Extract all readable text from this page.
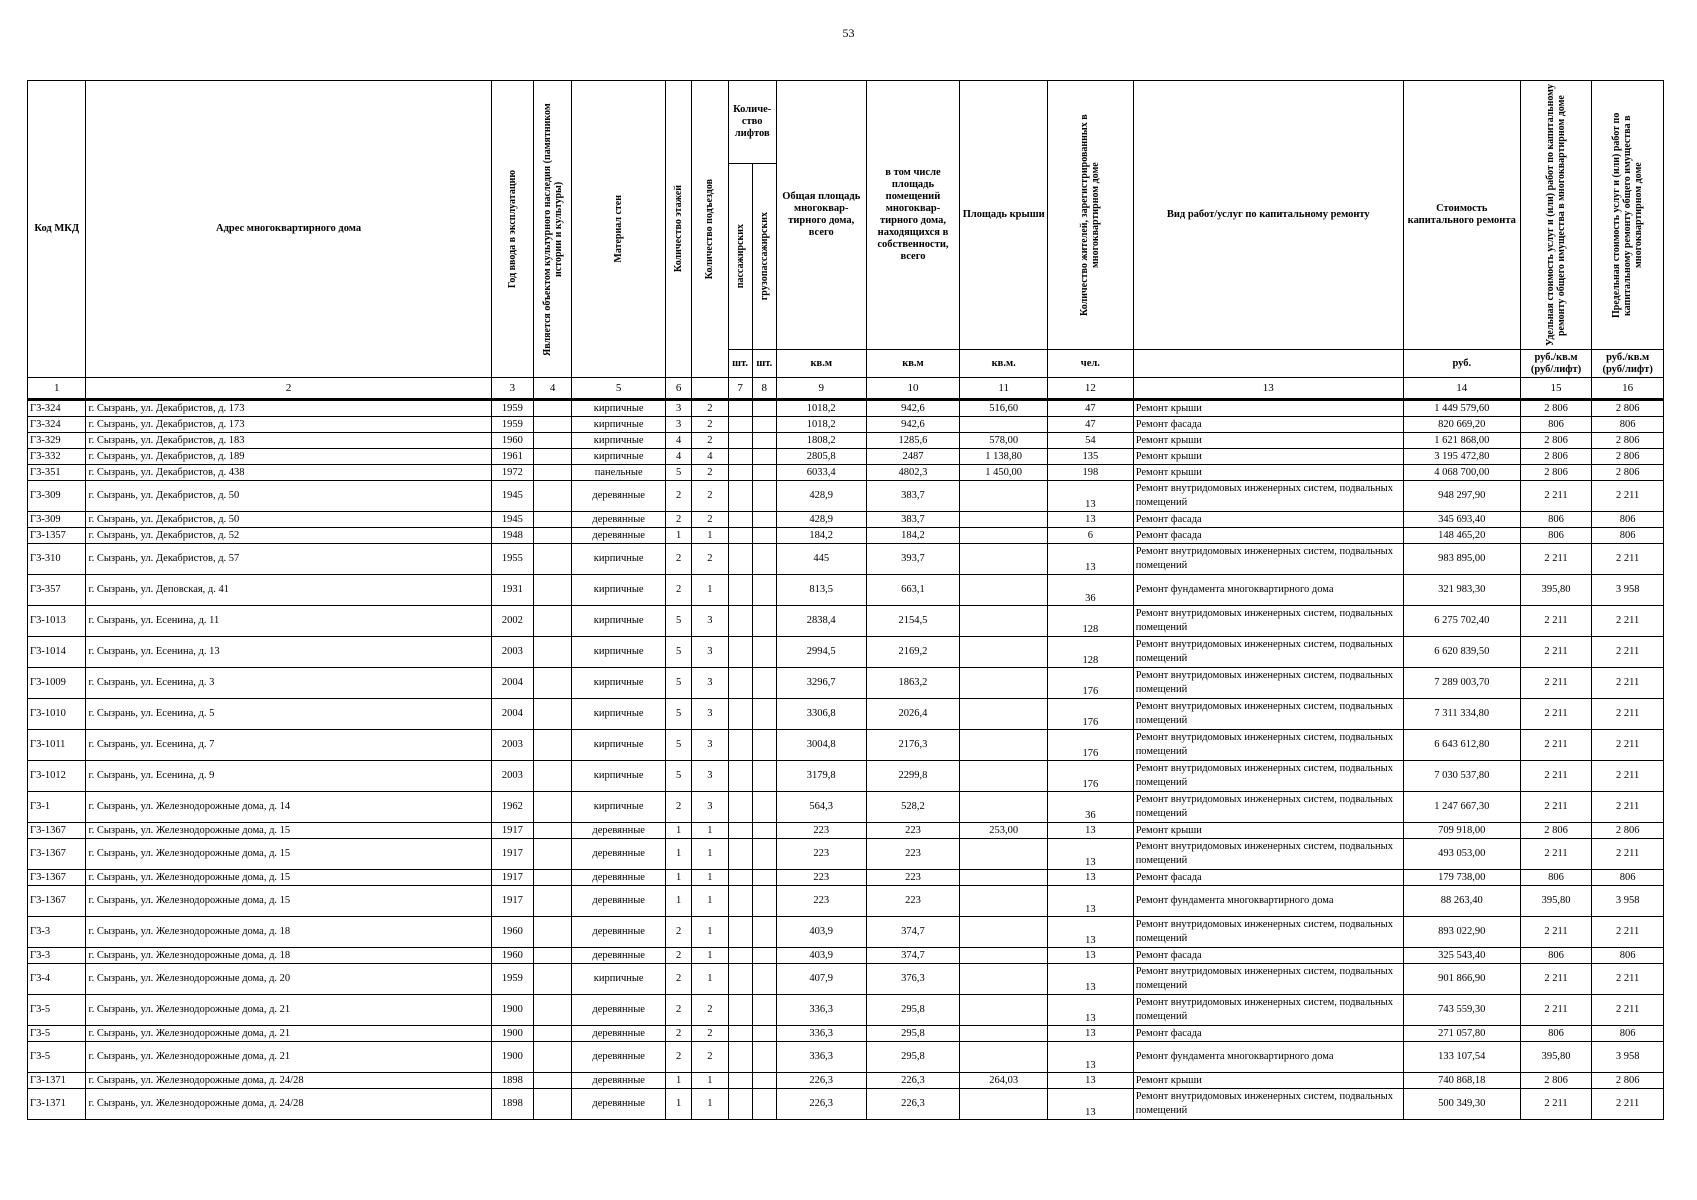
53
Код МКД	Адрес многоквартирного дома	Год ввода в эксплуатацию	Является объектом культурного наследия (памятником истории и культуры)	Материал стен	Количество этажей	Количество подъездов	Количе-ство лифтов		Общая площадь многоквар-тирного дома, всего	в том числе площадь помещений многоквар-тирного дома, находящихся в собственности, всего	Площадь крыши	Количество жителей, зарегистрированных в многоквартирном доме	Вид работ/услуг по капитальному ремонту	Стоимость капитального ремонта	Удельная стоимость услуг и (или) работ по капитальному ремонту общего имущества в многоквартирном доме	Предельная стоимость услуг и (или) работ по капитальному ремонту общего имущества в многоквартирном доме

							пассажирских	грузопассажирских								

							шт.	шт.	кв.м	кв.м	кв.м.	чел.		руб.	руб./кв.м (руб/лифт)	руб./кв.м (руб/лифт)
1	2	3	4	5	6		7	8	9	10	11	12	13	14	15	16
Г3-324	г. Сызрань, ул. Декабристов, д. 173	1959		кирпичные	3	2			1018,2	942,6	516,60	47	Ремонт крыши	1 449 579,60	2 806	2 806
Г3-324	г. Сызрань, ул. Декабристов, д. 173	1959		кирпичные	3	2			1018,2	942,6		47	Ремонт фасада	820 669,20	806	806
Г3-329	г. Сызрань, ул. Декабристов, д. 183	1960		кирпичные	4	2			1808,2	1285,6	578,00	54	Ремонт крыши	1 621 868,00	2 806	2 806
Г3-332	г. Сызрань, ул. Декабристов, д. 189	1961		кирпичные	4	4			2805,8	2487	1 138,80	135	Ремонт крыши	3 195 472,80	2 806	2 806
Г3-351	г. Сызрань, ул. Декабристов, д. 438	1972		панельные	5	2			6033,4	4802,3	1 450,00	198	Ремонт крыши	4 068 700,00	2 806	2 806
Г3-309	г. Сызрань, ул. Декабристов, д. 50	1945		деревянные	2	2			428,9	383,7		13	Ремонт внутридомовых инженерных систем, подвальных помещений	948 297,90	2 211	2 211
Г3-309	г. Сызрань, ул. Декабристов, д. 50	1945		деревянные	2	2			428,9	383,7		13	Ремонт фасада	345 693,40	806	806
Г3-1357	г. Сызрань, ул. Декабристов, д. 52	1948		деревянные	1	1			184,2	184,2		6	Ремонт фасада	148 465,20	806	806
Г3-310	г. Сызрань, ул. Декабристов, д. 57	1955		кирпичные	2	2			445	393,7		13	Ремонт внутридомовых инженерных систем, подвальных помещений	983 895,00	2 211	2 211
Г3-357	г. Сызрань, ул. Деповская, д. 41	1931		кирпичные	2	1			813,5	663,1		36	Ремонт фундамента многоквартирного дома	321 983,30	395,80	3 958
Г3-1013	г. Сызрань, ул. Есенина, д. 11	2002		кирпичные	5	3			2838,4	2154,5		128	Ремонт внутридомовых инженерных систем, подвальных помещений	6 275 702,40	2 211	2 211
Г3-1014	г. Сызрань, ул. Есенина, д. 13	2003		кирпичные	5	3			2994,5	2169,2		128	Ремонт внутридомовых инженерных систем, подвальных помещений	6 620 839,50	2 211	2 211
Г3-1009	г. Сызрань, ул. Есенина, д. 3	2004		кирпичные	5	3			3296,7	1863,2		176	Ремонт внутридомовых инженерных систем, подвальных помещений	7 289 003,70	2 211	2 211
Г3-1010	г. Сызрань, ул. Есенина, д. 5	2004		кирпичные	5	3			3306,8	2026,4		176	Ремонт внутридомовых инженерных систем, подвальных помещений	7 311 334,80	2 211	2 211
Г3-1011	г. Сызрань, ул. Есенина, д. 7	2003		кирпичные	5	3			3004,8	2176,3		176	Ремонт внутридомовых инженерных систем, подвальных помещений	6 643 612,80	2 211	2 211
Г3-1012	г. Сызрань, ул. Есенина, д. 9	2003		кирпичные	5	3			3179,8	2299,8		176	Ремонт внутридомовых инженерных систем, подвальных помещений	7 030 537,80	2 211	2 211
Г3-1	г. Сызрань, ул. Железнодорожные дома, д. 14	1962		кирпичные	2	3			564,3	528,2		36	Ремонт внутридомовых инженерных систем, подвальных помещений	1 247 667,30	2 211	2 211
Г3-1367	г. Сызрань, ул. Железнодорожные дома, д. 15	1917		деревянные	1	1			223	223	253,00	13	Ремонт крыши	709 918,00	2 806	2 806
Г3-1367	г. Сызрань, ул. Железнодорожные дома, д. 15	1917		деревянные	1	1			223	223		13	Ремонт внутридомовых инженерных систем, подвальных помещений	493 053,00	2 211	2 211
Г3-1367	г. Сызрань, ул. Железнодорожные дома, д. 15	1917		деревянные	1	1			223	223		13	Ремонт фасада	179 738,00	806	806
Г3-1367	г. Сызрань, ул. Железнодорожные дома, д. 15	1917		деревянные	1	1			223	223		13	Ремонт фундамента многоквартирного дома	88 263,40	395,80	3 958
Г3-3	г. Сызрань, ул. Железнодорожные дома, д. 18	1960		деревянные	2	1			403,9	374,7		13	Ремонт внутридомовых инженерных систем, подвальных помещений	893 022,90	2 211	2 211
Г3-3	г. Сызрань, ул. Железнодорожные дома, д. 18	1960		деревянные	2	1			403,9	374,7		13	Ремонт фасада	325 543,40	806	806
Г3-4	г. Сызрань, ул. Железнодорожные дома, д. 20	1959		кирпичные	2	1			407,9	376,3		13	Ремонт внутридомовых инженерных систем, подвальных помещений	901 866,90	2 211	2 211
Г3-5	г. Сызрань, ул. Железнодорожные дома, д. 21	1900		деревянные	2	2			336,3	295,8		13	Ремонт внутридомовых инженерных систем, подвальных помещений	743 559,30	2 211	2 211
Г3-5	г. Сызрань, ул. Железнодорожные дома, д. 21	1900		деревянные	2	2			336,3	295,8		13	Ремонт фасада	271 057,80	806	806
Г3-5	г. Сызрань, ул. Железнодорожные дома, д. 21	1900		деревянные	2	2			336,3	295,8		13	Ремонт фундамента многоквартирного дома	133 107,54	395,80	3 958
Г3-1371	г. Сызрань, ул. Железнодорожные дома, д. 24/28	1898		деревянные	1	1			226,3	226,3	264,03	13	Ремонт крыши	740 868,18	2 806	2 806
Г3-1371	г. Сызрань, ул. Железнодорожные дома, д. 24/28	1898		деревянные	1	1			226,3	226,3		13	Ремонт внутридомовых инженерных систем, подвальных помещений	500 349,30	2 211	2 211
